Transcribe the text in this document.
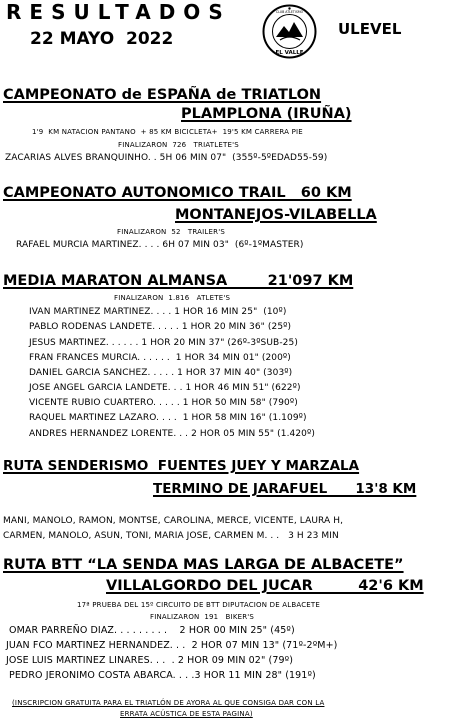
RESULTADOS
22 MAYO  2022
EL VALLE
CLUB ATLETISMO
ULEVEL
CAMPEONATO de ESPAÑA de TRIATLON
PLAMPLONA (IRUÑA)
1'9  KM NATACION PANTANO  + 85 KM BICICLETA+  19'5 KM CARRERA PIE
FINALIZARON  726   TRIATLETE'S
ZACARIAS ALVES BRANQUINHO. . 5H 06 MIN 07"  (355º-5ºEDAD55-59)
CAMPEONATO AUTONOMICO TRAIL   60 KM
MONTANEJOS-VILABELLA
FINALIZARON  52   TRAILER'S
RAFAEL MURCIA MARTINEZ. . . . 6H 07 MIN 03"  (6º-1ºMASTER)
MEDIA MARATON ALMANSA        21'097 KM
FINALIZARON  1.816   ATLETE'S
IVAN MARTINEZ MARTINEZ. . . . 1 HOR 16 MIN 25"  (10º)
PABLO RODENAS LANDETE. . . . . 1 HOR 20 MIN 36" (25º)
JESUS MARTINEZ. . . . . . 1 HOR 20 MIN 37" (26º-3ºSUB-25)
FRAN FRANCES MURCIA. . . . . .  1 HOR 34 MIN 01" (200º)
DANIEL GARCIA SANCHEZ. . . . . 1 HOR 37 MIN 40" (303º)
JOSE ANGEL GARCIA LANDETE. . . 1 HOR 46 MIN 51" (622º)
VICENTE RUBIO CUARTERO. . . . . 1 HOR 50 MIN 58" (790º)
RAQUEL MARTINEZ LAZARO. . . .  1 HOR 58 MIN 16" (1.109º)
ANDRES HERNANDEZ LORENTE. . . 2 HOR 05 MIN 55" (1.420º)
RUTA SENDERISMO  FUENTES JUEY Y MARZALA
TERMINO DE JARAFUEL      13'8 KM
MANI, MANOLO, RAMON, MONTSE, CAROLINA, MERCE, VICENTE, LAURA H,
CARMEN, MANOLO, ASUN, TONI, MARIA JOSE, CARMEN M. . .   3 H 23 MIN
RUTA BTT “LA SENDA MAS LARGA DE ALBACETE”
VILLALGORDO DEL JUCAR         42'6 KM
17ª PRUEBA DEL 15º CIRCUITO DE BTT DIPUTACION DE ALBACETE
FINALIZARON  191   BIKER'S
OMAR PARREÑO DIAZ. . . . . . . . .    2 HOR 00 MIN 25" (45º)
JUAN FCO MARTINEZ HERNANDEZ. . .  2 HOR 07 MIN 13" (71º-2ºM+)
JOSE LUIS MARTINEZ LINARES. . .  . 2 HOR 09 MIN 02" (79º)
PEDRO JERONIMO COSTA ABARCA. . . .3 HOR 11 MIN 28" (191º)
(INSCRIPCION GRATUITA PARA EL TRIATLÓN DE AYORA AL QUE CONSIGA DAR CON LA
ERRATA ACÚSTICA DE ESTA PAGINA)
